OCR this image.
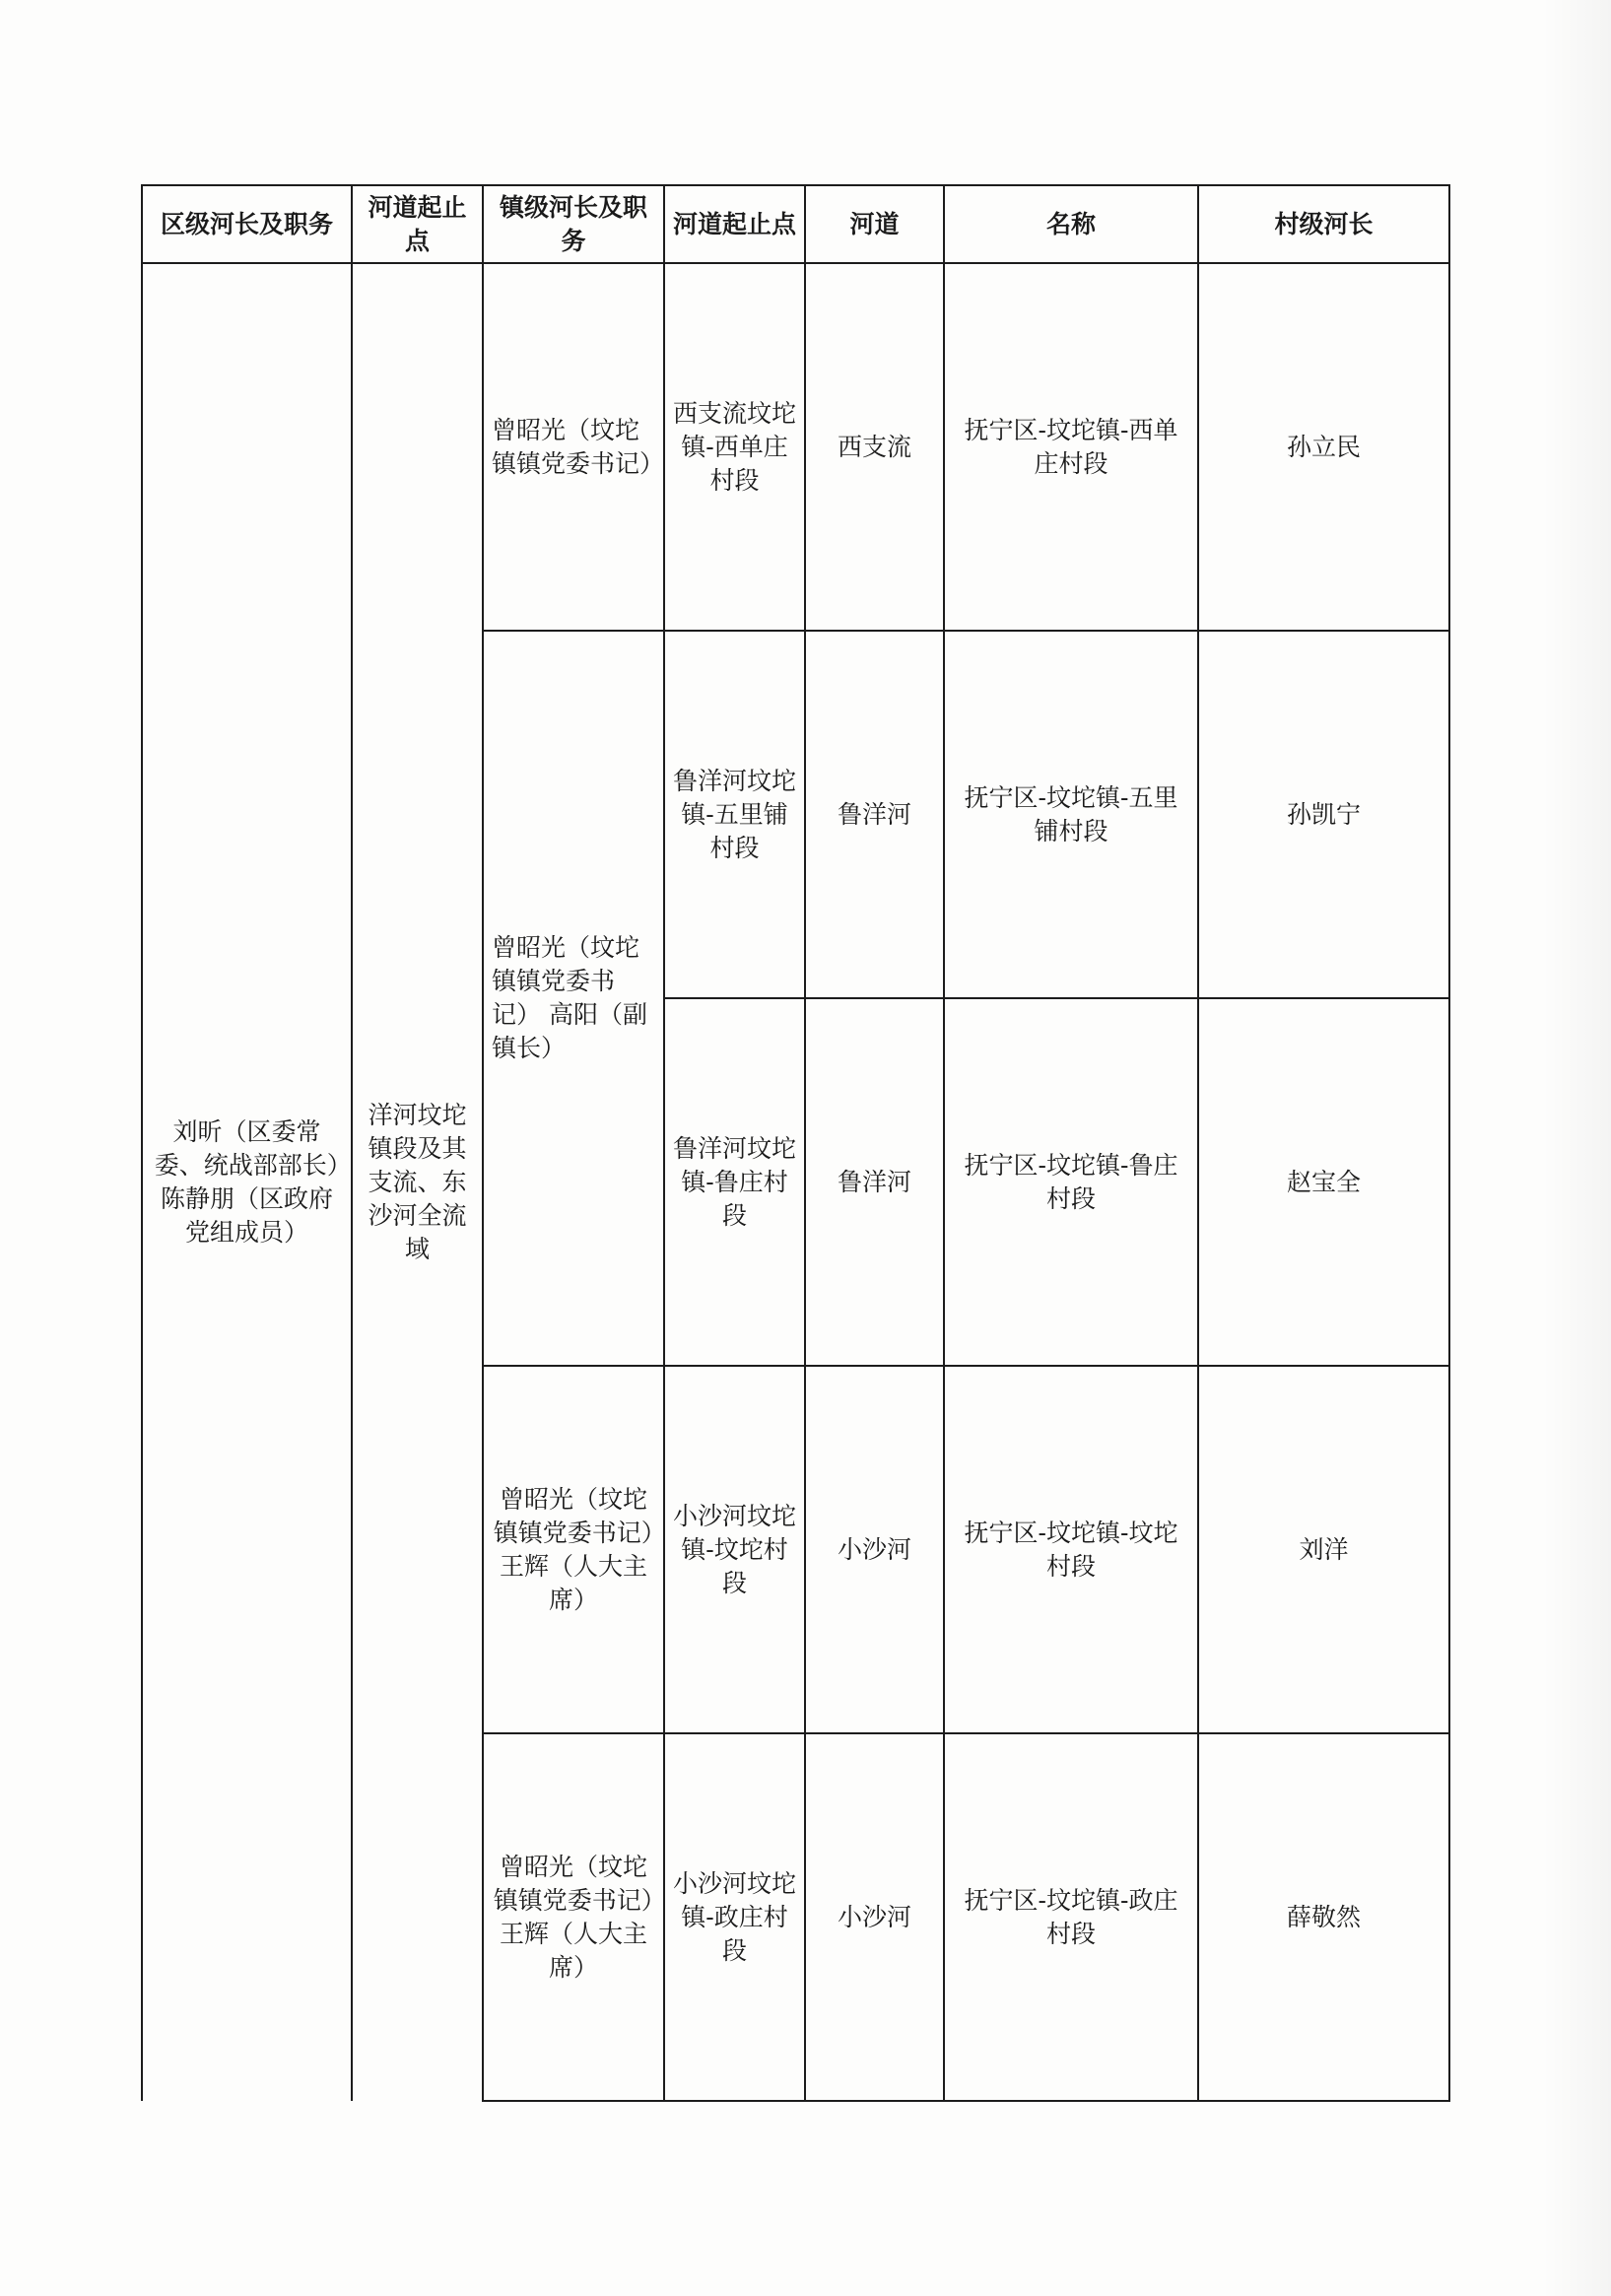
区级河长及职务	河道起止点	镇级河长及职务	河道起止点	河道	名称	村级河长

刘昕（区委常委、统战部部长）陈静朋（区政府党组成员）	洋河坟坨镇段及其支流、东沙河全流域	曾昭光（坟坨镇镇党委书记）	西支流坟坨镇-西单庄村段	西支流	抚宁区-坟坨镇-西单庄村段	孙立民

		曾昭光（坟坨镇镇党委书记） 高阳（副镇长）	鲁洋河坟坨镇-五里铺村段	鲁洋河	抚宁区-坟坨镇-五里铺村段	孙凯宁
			鲁洋河坟坨镇-鲁庄村段	鲁洋河	抚宁区-坟坨镇-鲁庄村段	赵宝全

		曾昭光（坟坨镇镇党委书记）王辉（人大主席）	小沙河坟坨镇-坟坨村段	小沙河	抚宁区-坟坨镇-坟坨村段	刘洋

		曾昭光（坟坨镇镇党委书记）王辉（人大主席）	小沙河坟坨镇-政庄村段	小沙河	抚宁区-坟坨镇-政庄村段	薛敬然
